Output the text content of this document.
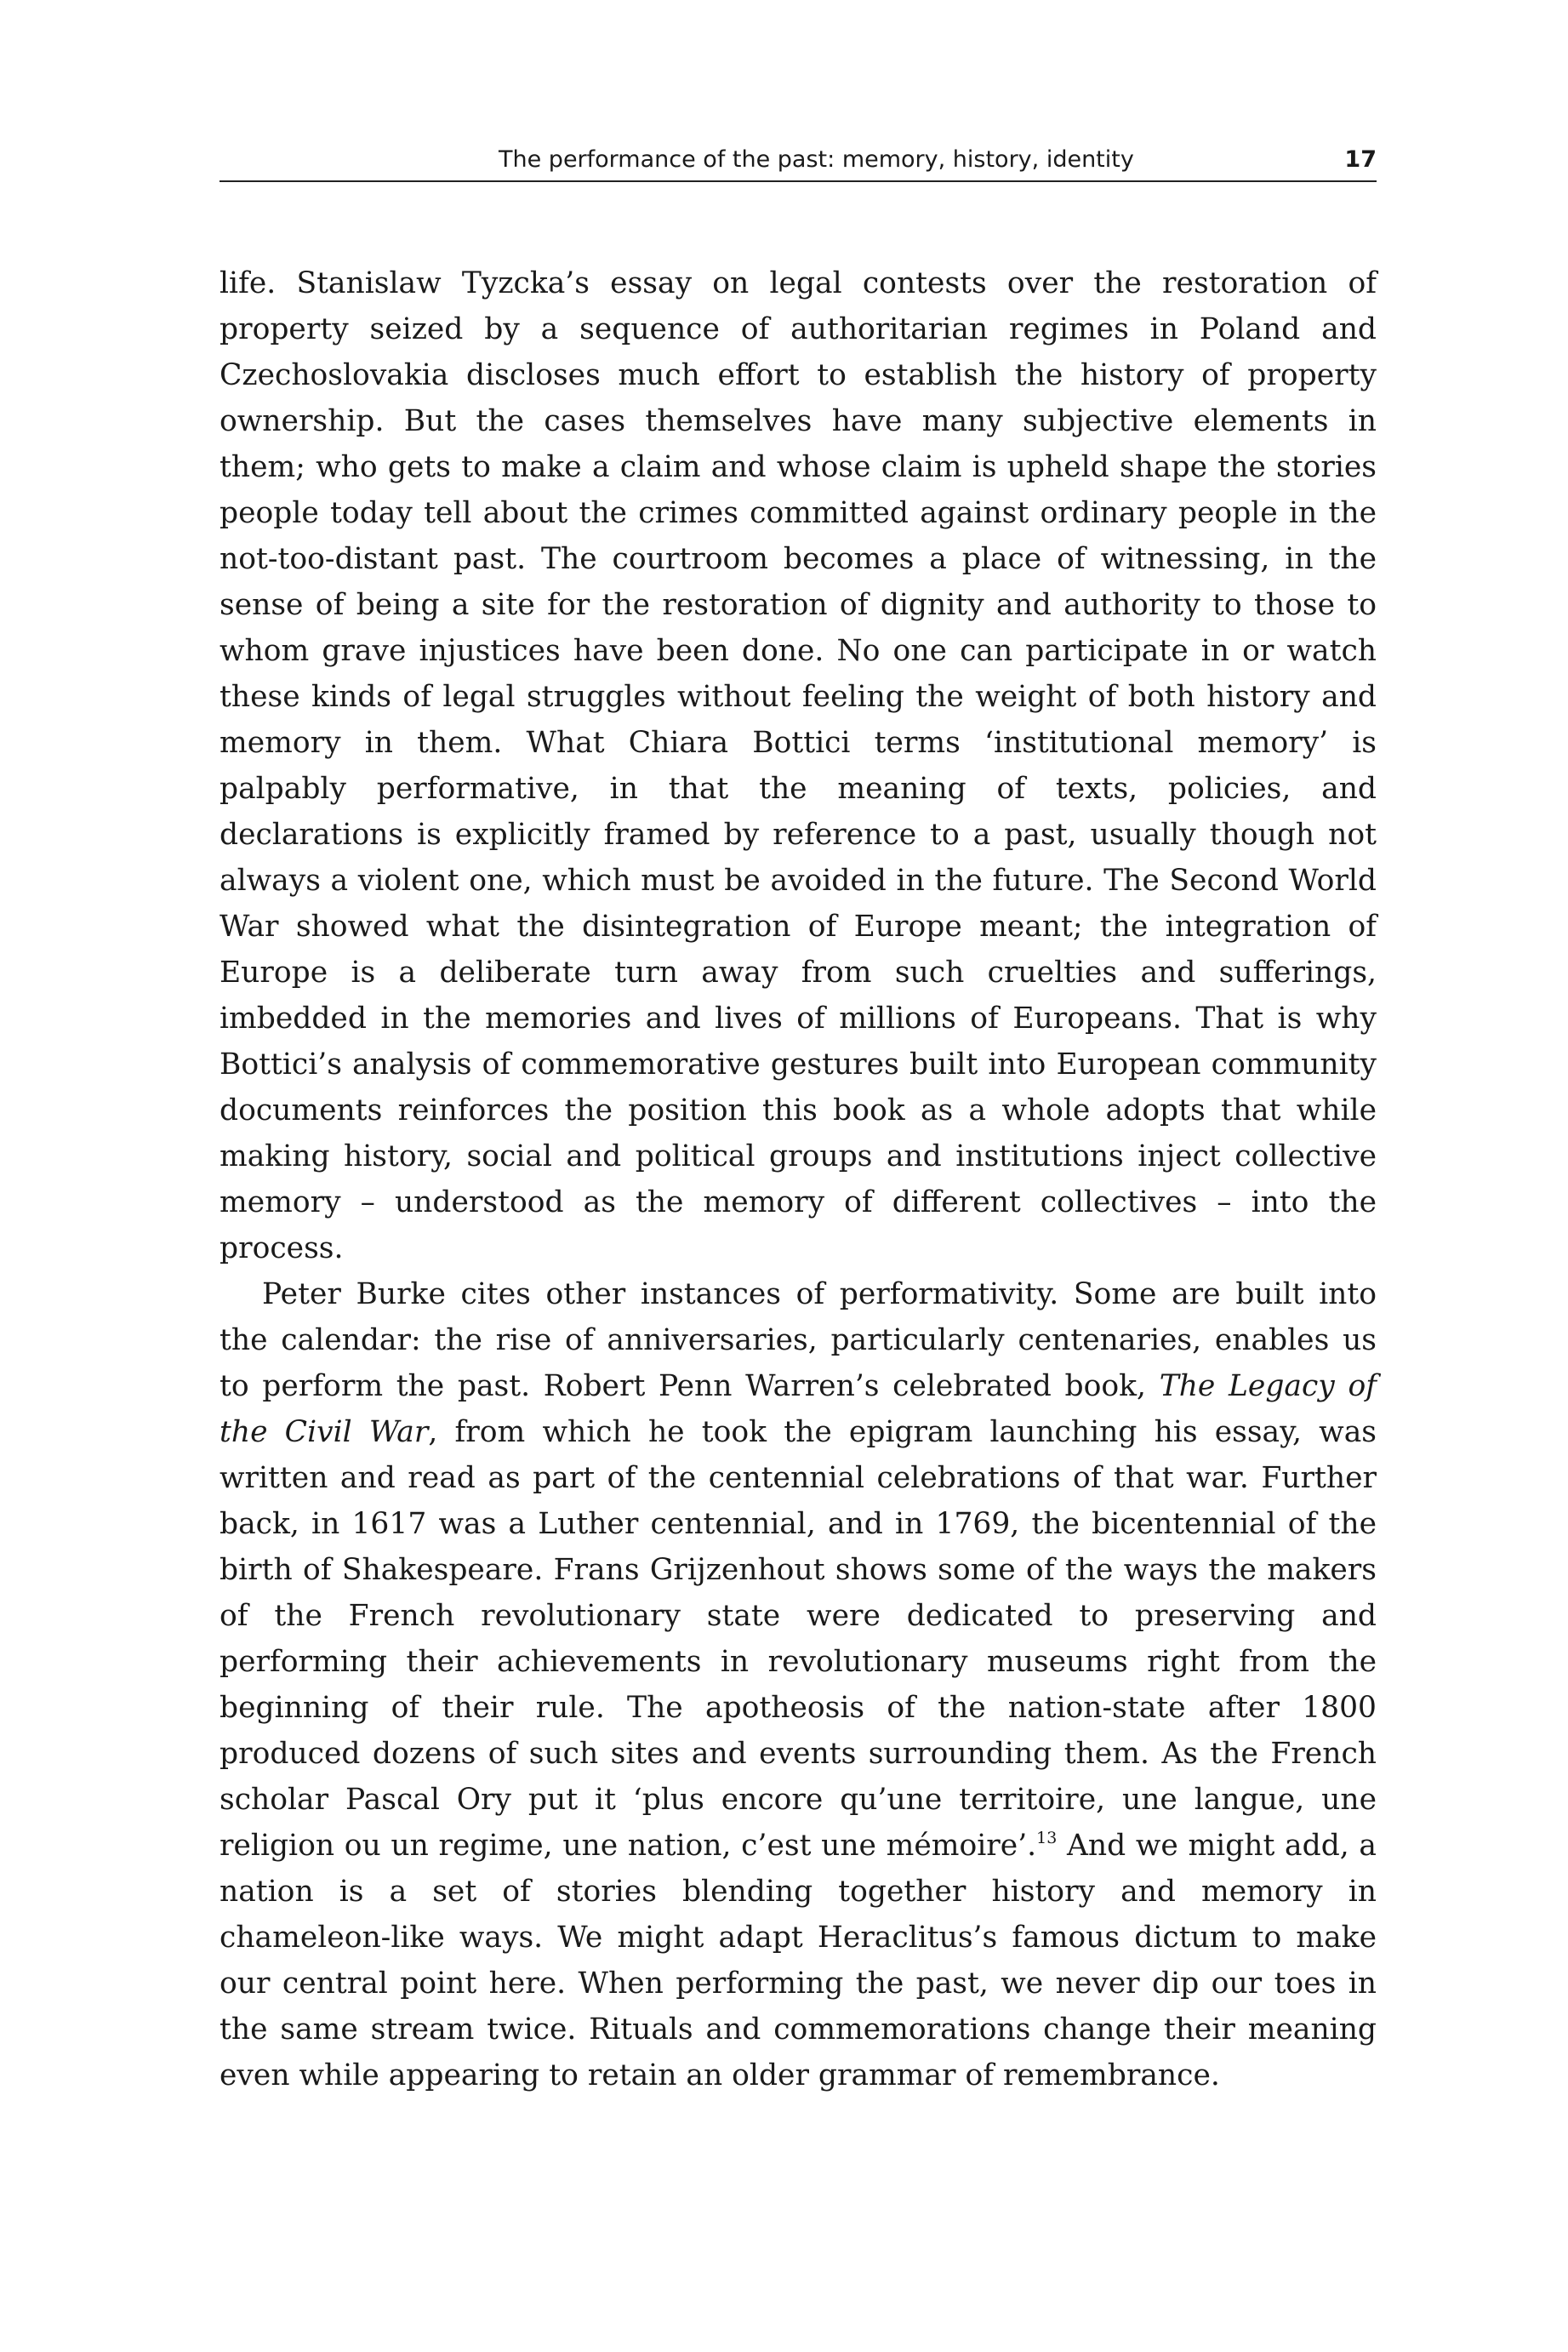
The performance of the past: memory, history, identity	17

life. Stanislaw Tyzcka’s essay on legal contests over the restoration of property seized by a sequence of authoritarian regimes in Poland and Czechoslovakia discloses much effort to establish the history of property ownership. But the cases themselves have many subjective elements in them; who gets to make a claim and whose claim is upheld shape the stories people today tell about the crimes committed against ordinary people in the not-too-distant past. The courtroom becomes a place of witnessing, in the sense of being a site for the restoration of dignity and authority to those to whom grave injustices have been done. No one can participate in or watch these kinds of legal struggles without feeling the weight of both history and memory in them. What Chiara Bottici terms ‘institutional memory’ is palpably performative, in that the meaning of texts, policies, and declarations is explicitly framed by reference to a past, usually though not always a violent one, which must be avoided in the future. The Second World War showed what the disintegration of Europe meant; the integration of Europe is a deliberate turn away from such cruelties and sufferings, imbedded in the memories and lives of millions of Europeans. That is why Bottici’s analysis of commemorative gestures built into European community documents reinforces the position this book as a whole adopts that while making history, social and political groups and institutions inject collective memory – understood as the memory of different collectives – into the process.

Peter Burke cites other instances of performativity. Some are built into the calendar: the rise of anniversaries, particularly centenaries, enables us to perform the past. Robert Penn Warren’s celebrated book, The Legacy of the Civil War, from which he took the epigram launching his essay, was written and read as part of the centennial celebrations of that war. Further back, in 1617 was a Luther centennial, and in 1769, the bicentennial of the birth of Shakespeare. Frans Grijzenhout shows some of the ways the makers of the French revolutionary state were dedicated to preserving and performing their achievements in revolutionary museums right from the beginning of their rule. The apotheosis of the nation-state after 1800 produced dozens of such sites and events surrounding them. As the French scholar Pascal Ory put it ‘plus encore qu’une territoire, une langue, une religion ou un regime, une nation, c’est une mémoire’.$^{13}$ And we might add, a nation is a set of stories blending together history and memory in chameleon-like ways. We might adapt Heraclitus’s famous dictum to make our central point here. When performing the past, we never dip our toes in the same stream twice. Rituals and commemorations change their meaning even while appearing to retain an older grammar of remembrance.
